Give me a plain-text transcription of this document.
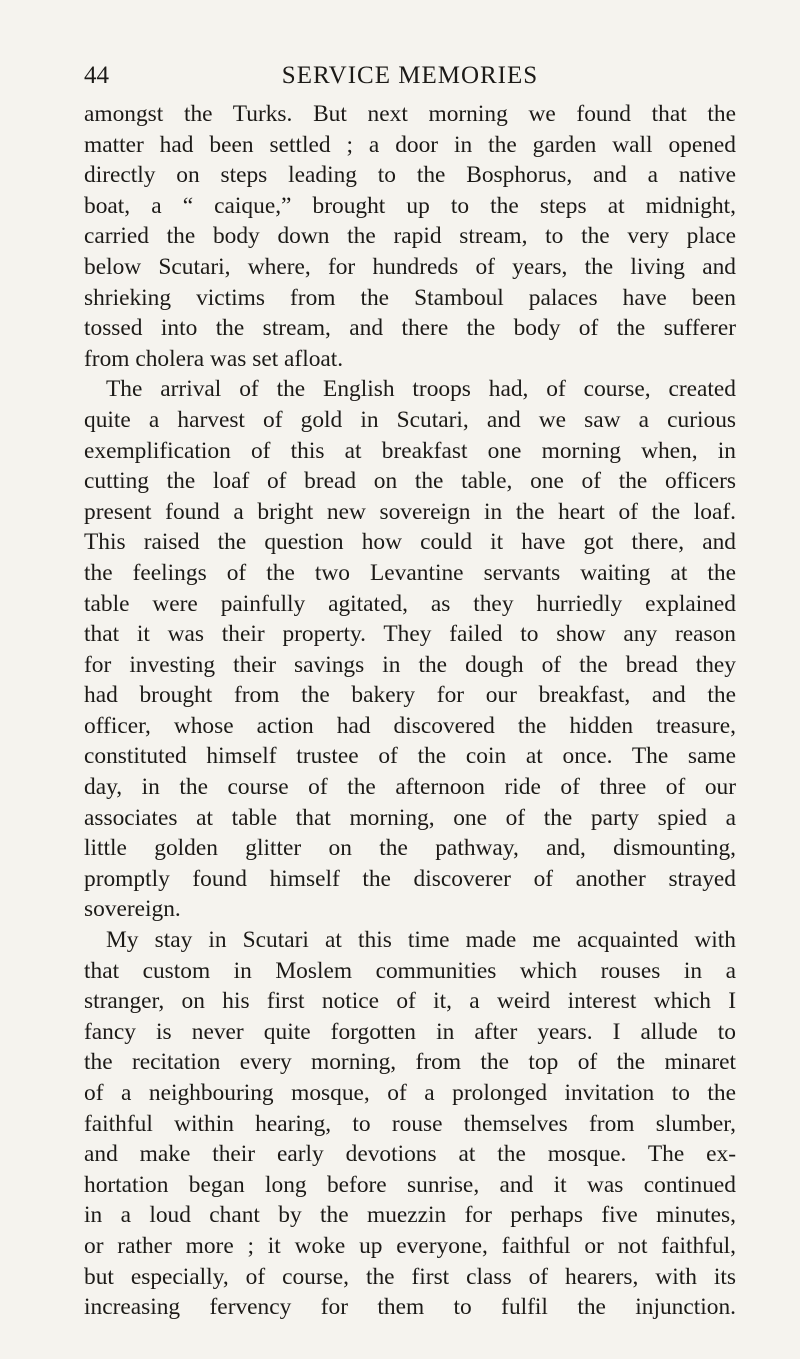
44	SERVICE MEMORIES
amongst the Turks. But next morning we found that the
matter had been settled ; a door in the garden wall opened
directly on steps leading to the Bosphorus, and a native
boat, a “ caique,” brought up to the steps at midnight,
carried the body down the rapid stream, to the very place
below Scutari, where, for hundreds of years, the living and
shrieking victims from the Stamboul palaces have been
tossed into the stream, and there the body of the sufferer
from cholera was set afloat.
The arrival of the English troops had, of course, created
quite a harvest of gold in Scutari, and we saw a curious
exemplification of this at breakfast one morning when, in
cutting the loaf of bread on the table, one of the officers
present found a bright new sovereign in the heart of the loaf.
This raised the question how could it have got there, and
the feelings of the two Levantine servants waiting at the
table were painfully agitated, as they hurriedly explained
that it was their property. They failed to show any reason
for investing their savings in the dough of the bread they
had brought from the bakery for our breakfast, and the
officer, whose action had discovered the hidden treasure,
constituted himself trustee of the coin at once. The same
day, in the course of the afternoon ride of three of our
associates at table that morning, one of the party spied a
little golden glitter on the pathway, and, dismounting,
promptly found himself the discoverer of another strayed
sovereign.
My stay in Scutari at this time made me acquainted with
that custom in Moslem communities which rouses in a
stranger, on his first notice of it, a weird interest which I
fancy is never quite forgotten in after years. I allude to
the recitation every morning, from the top of the minaret
of a neighbouring mosque, of a prolonged invitation to the
faithful within hearing, to rouse themselves from slumber,
and make their early devotions at the mosque. The ex-
hortation began long before sunrise, and it was continued
in a loud chant by the muezzin for perhaps five minutes,
or rather more ; it woke up everyone, faithful or not faithful,
but especially, of course, the first class of hearers, with its
increasing fervency for them to fulfil the injunction.
